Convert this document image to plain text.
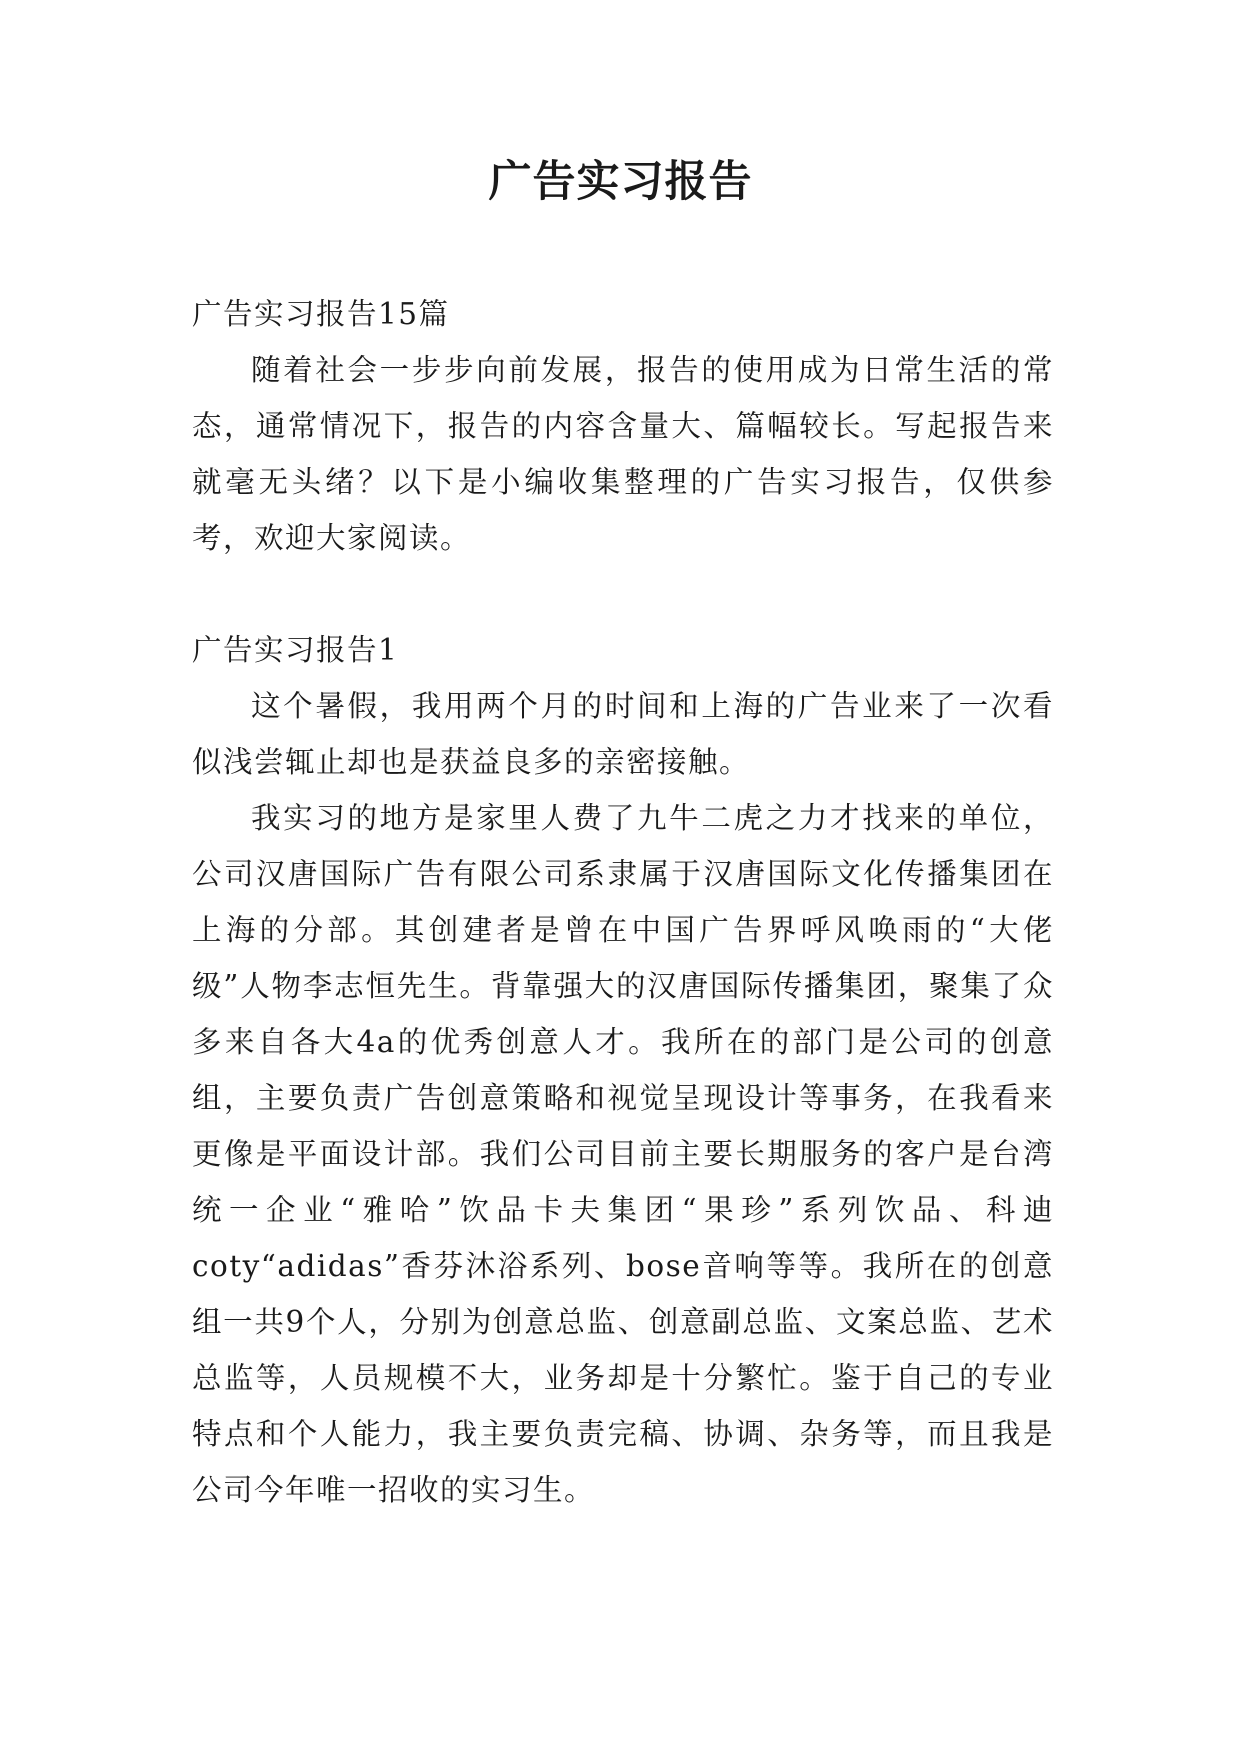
广告实习报告

广告实习报告15篇

随着社会一步步向前发展，报告的使用成为日常生活的常态，通常情况下，报告的内容含量大、篇幅较长。写起报告来就毫无头绪？以下是小编收集整理的广告实习报告，仅供参考，欢迎大家阅读。

广告实习报告1

这个暑假，我用两个月的时间和上海的广告业来了一次看似浅尝辄止却也是获益良多的亲密接触。

我实习的地方是家里人费了九牛二虎之力才找来的单位，公司汉唐国际广告有限公司系隶属于汉唐国际文化传播集团在上海的分部。其创建者是曾在中国广告界呼风唤雨的“大佬级”人物李志恒先生。背靠强大的汉唐国际传播集团，聚集了众多来自各大4a的优秀创意人才。我所在的部门是公司的创意组，主要负责广告创意策略和视觉呈现设计等事务，在我看来更像是平面设计部。我们公司目前主要长期服务的客户是台湾统一企业“雅哈”饮品卡夫集团“果珍”系列饮品、科迪coty“adidas”香芬沐浴系列、bose音响等等。我所在的创意组一共9个人，分别为创意总监、创意副总监、文案总监、艺术总监等，人员规模不大，业务却是十分繁忙。鉴于自己的专业特点和个人能力，我主要负责完稿、协调、杂务等，而且我是公司今年唯一招收的实习生。
